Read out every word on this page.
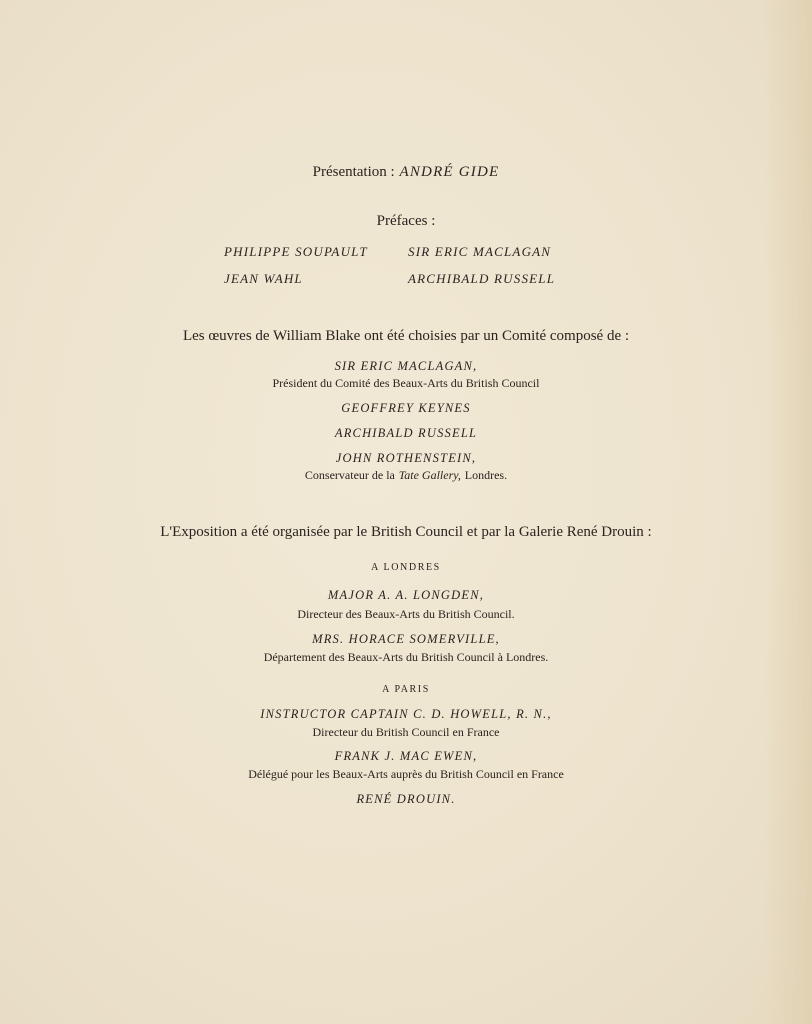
Présentation : ANDRÉ GIDE
Préfaces :
PHILIPPE SOUPAULT	SIR ERIC MACLAGAN
JEAN WAHL	ARCHIBALD RUSSELL
Les œuvres de William Blake ont été choisies par un Comité composé de :
SIR ERIC MACLAGAN,
Président du Comité des Beaux-Arts du British Council
GEOFFREY KEYNES
ARCHIBALD RUSSELL
JOHN ROTHENSTEIN,
Conservateur de la Tate Gallery, Londres.
L'Exposition a été organisée par le British Council et par la Galerie René Drouin :
A LONDRES
MAJOR A. A. LONGDEN,
Directeur des Beaux-Arts du British Council.
MRS. HORACE SOMERVILLE,
Département des Beaux-Arts du British Council à Londres.
A PARIS
INSTRUCTOR CAPTAIN C. D. HOWELL, R. N.,
Directeur du British Council en France
FRANK J. MAC EWEN,
Délégué pour les Beaux-Arts auprès du British Council en France
RENÉ DROUIN.
